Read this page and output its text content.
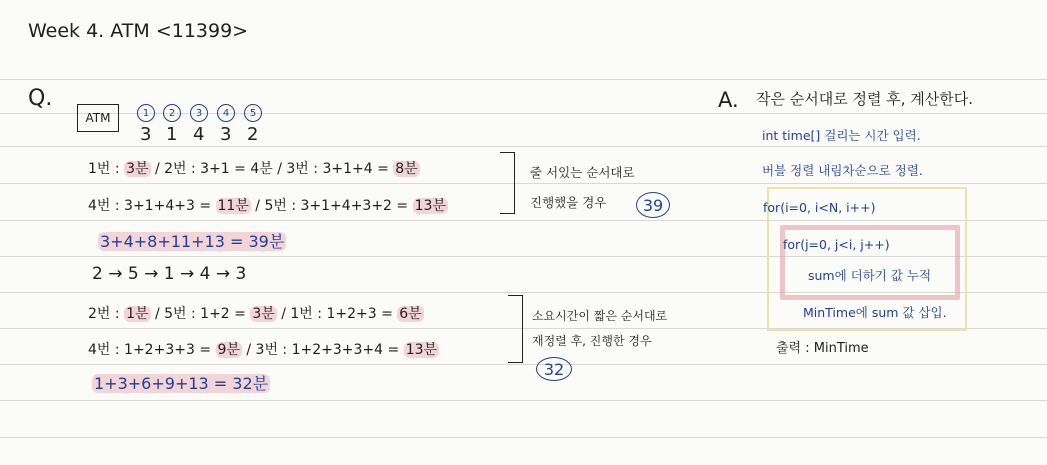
Week 4. ATM <11399>
Q.
ATM	1	2	3	4	5
3 1 4 3 2
1번 : 3분 / 2번 : 3+1 = 4분 / 3번 : 3+1+4 = 8분
4번 : 3+1+4+3 = 11분 / 5번 : 3+1+4+3+2 = 13분
3+4+8+11+13 = 39분
줄 서있는 순서대로
진행했을 경우	39
2 → 5 → 1 → 4 → 3
2번 : 1분 / 5번 : 1+2 = 3분 / 1번 : 1+2+3 = 6분
4번 : 1+2+3+3 = 9분 / 3번 : 1+2+3+3+4 = 13분
1+3+6+9+13 = 32분
소요시간이 짧은 순서대로
재정렬 후, 진행한 경우
32
A. 작은 순서대로 정렬 후, 계산한다.
int time[] 걸리는 시간 입력.
버블 정렬 내림차순으로 정렬.
for(i=0, i<N, i++)
for(j=0, j<i, j++)
sum에 더하기 값 누적
MinTime에 sum 값 삽입.
출력 : MinTime
